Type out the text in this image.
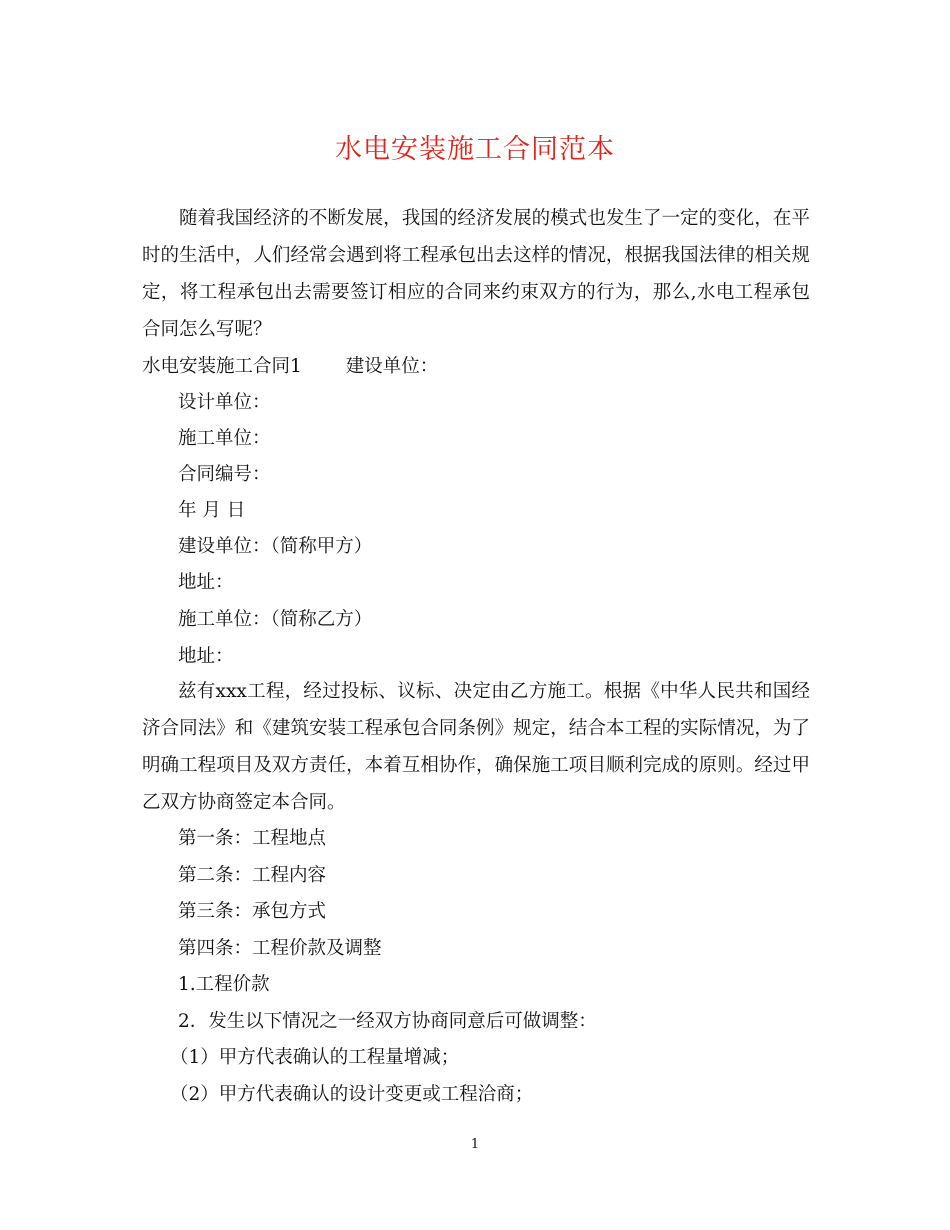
水电安装施工合同范本

随着我国经济的不断发展，我国的经济发展的模式也发生了一定的变化，在平时的生活中，人们经常会遇到将工程承包出去这样的情况，根据我国法律的相关规定，将工程承包出去需要签订相应的合同来约束双方的行为，那么,水电工程承包合同怎么写呢？

水电安装施工合同1 建设单位：
设计单位：
施工单位：
合同编号：
年 月 日
建设单位：（简称甲方）
地址：
施工单位：（简称乙方）
地址：

兹有xxx工程，经过投标、议标、决定由乙方施工。根据《中华人民共和国经济合同法》和《建筑安装工程承包合同条例》规定，结合本工程的实际情况，为了明确工程项目及双方责任，本着互相协作，确保施工项目顺利完成的原则。经过甲乙双方协商签定本合同。

第一条：工程地点
第二条：工程内容
第三条：承包方式
第四条：工程价款及调整
1.工程价款
2．发生以下情况之一经双方协商同意后可做调整：
（1）甲方代表确认的工程量增减；
（2）甲方代表确认的设计变更或工程洽商；
1
